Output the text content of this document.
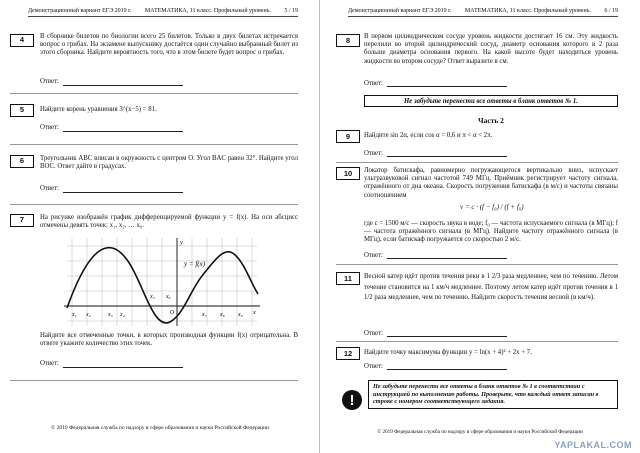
Демонстрационный вариант ЕГЭ 2019 г. МАТЕМАТИКА, 11 класс. Профильный уровень. 5 / 19
4	В сборнике билетов по биологии всего 25 билетов. Только в двух билетах встречается вопрос о грибах. На экзамене выпускнику достаётся один случайно выбранный билет из этого сборника. Найдите вероятность того, что в этом билете будет вопрос о грибах.
Ответ:
5	Найдите корень уравнения 3^(x−5) = 81.
Ответ:
6	Треугольник ABC вписан в окружность с центром O. Угол BAC равен 32°. Найдите угол BOC. Ответ дайте в градусах.
Ответ:
7	На рисунке изображён график дифференцируемой функции y = f(x). На оси абсцисс отмечены девять точек: x₁, x₂, … x₉.
y = f(x)
y
x
O
x₁ x₂	x₃ x₄
x₅ x₆
x₇ x₈ x₉
Найдите все отмеченные точки, в которых производная функции f(x) отрицательна. В ответе укажите количество этих точек.
Ответ:
© 2019 Федеральная служба по надзору в сфере образования и науки Российской Федерации
Демонстрационный вариант ЕГЭ 2019 г. МАТЕМАТИКА, 11 класс. Профильный уровень. 6 / 19
8	В первом цилиндрическом сосуде уровень жидкости достигает 16 см. Эту жидкость перелили во второй цилиндрический сосуд, диаметр основания которого в 2 раза больше диаметра основания первого. На какой высоте будет находиться уровень жидкости во втором сосуде? Ответ выразите в см.
Ответ:
Не забудьте перенести все ответы в бланк ответов № 1.
Часть 2
9	Найдите sin 2α, если cos α = 0,6 и π < α < 2π.
Ответ:
10	Локатор батискафа, равномерно погружающегося вертикально вниз, испускает ультразвуковой сигнал частотой 749 МГц. Приёмник регистрирует частоту сигнала, отражённого от дна океана. Скорость погружения батискафа (в м/с) и частоты связаны соотношением
v = c · (f − f₀) / (f + f₀)
где c = 1500 м/с — скорость звука в воде; f₀ — частота испускаемого сигнала (в МГц); f — частота отражённого сигнала (в МГц). Найдите частоту отражённого сигнала (в МГц), если батискаф погружается со скоростью 2 м/с.
Ответ:
11	Весной катер идёт против течения реки в 1 2/3 раза медленнее, чем по течению. Летом течение становится на 1 км/ч медленнее. Поэтому летом катер идёт против течения в 1 1/2 раза медленнее, чем по течению. Найдите скорость течения весной (в км/ч).
Ответ:
12	Найдите точку максимума функции y = ln(x + 4)² + 2x + 7.
Ответ:
!
Не забудьте перенести все ответы в бланк ответов № 1 в соответствии с инструкцией по выполнению работы. Проверьте, что каждый ответ записан в строке с номером соответствующего задания.
© 2019 Федеральная служба по надзору в сфере образования и науки Российской Федерации
YAPLAKAL.COM
